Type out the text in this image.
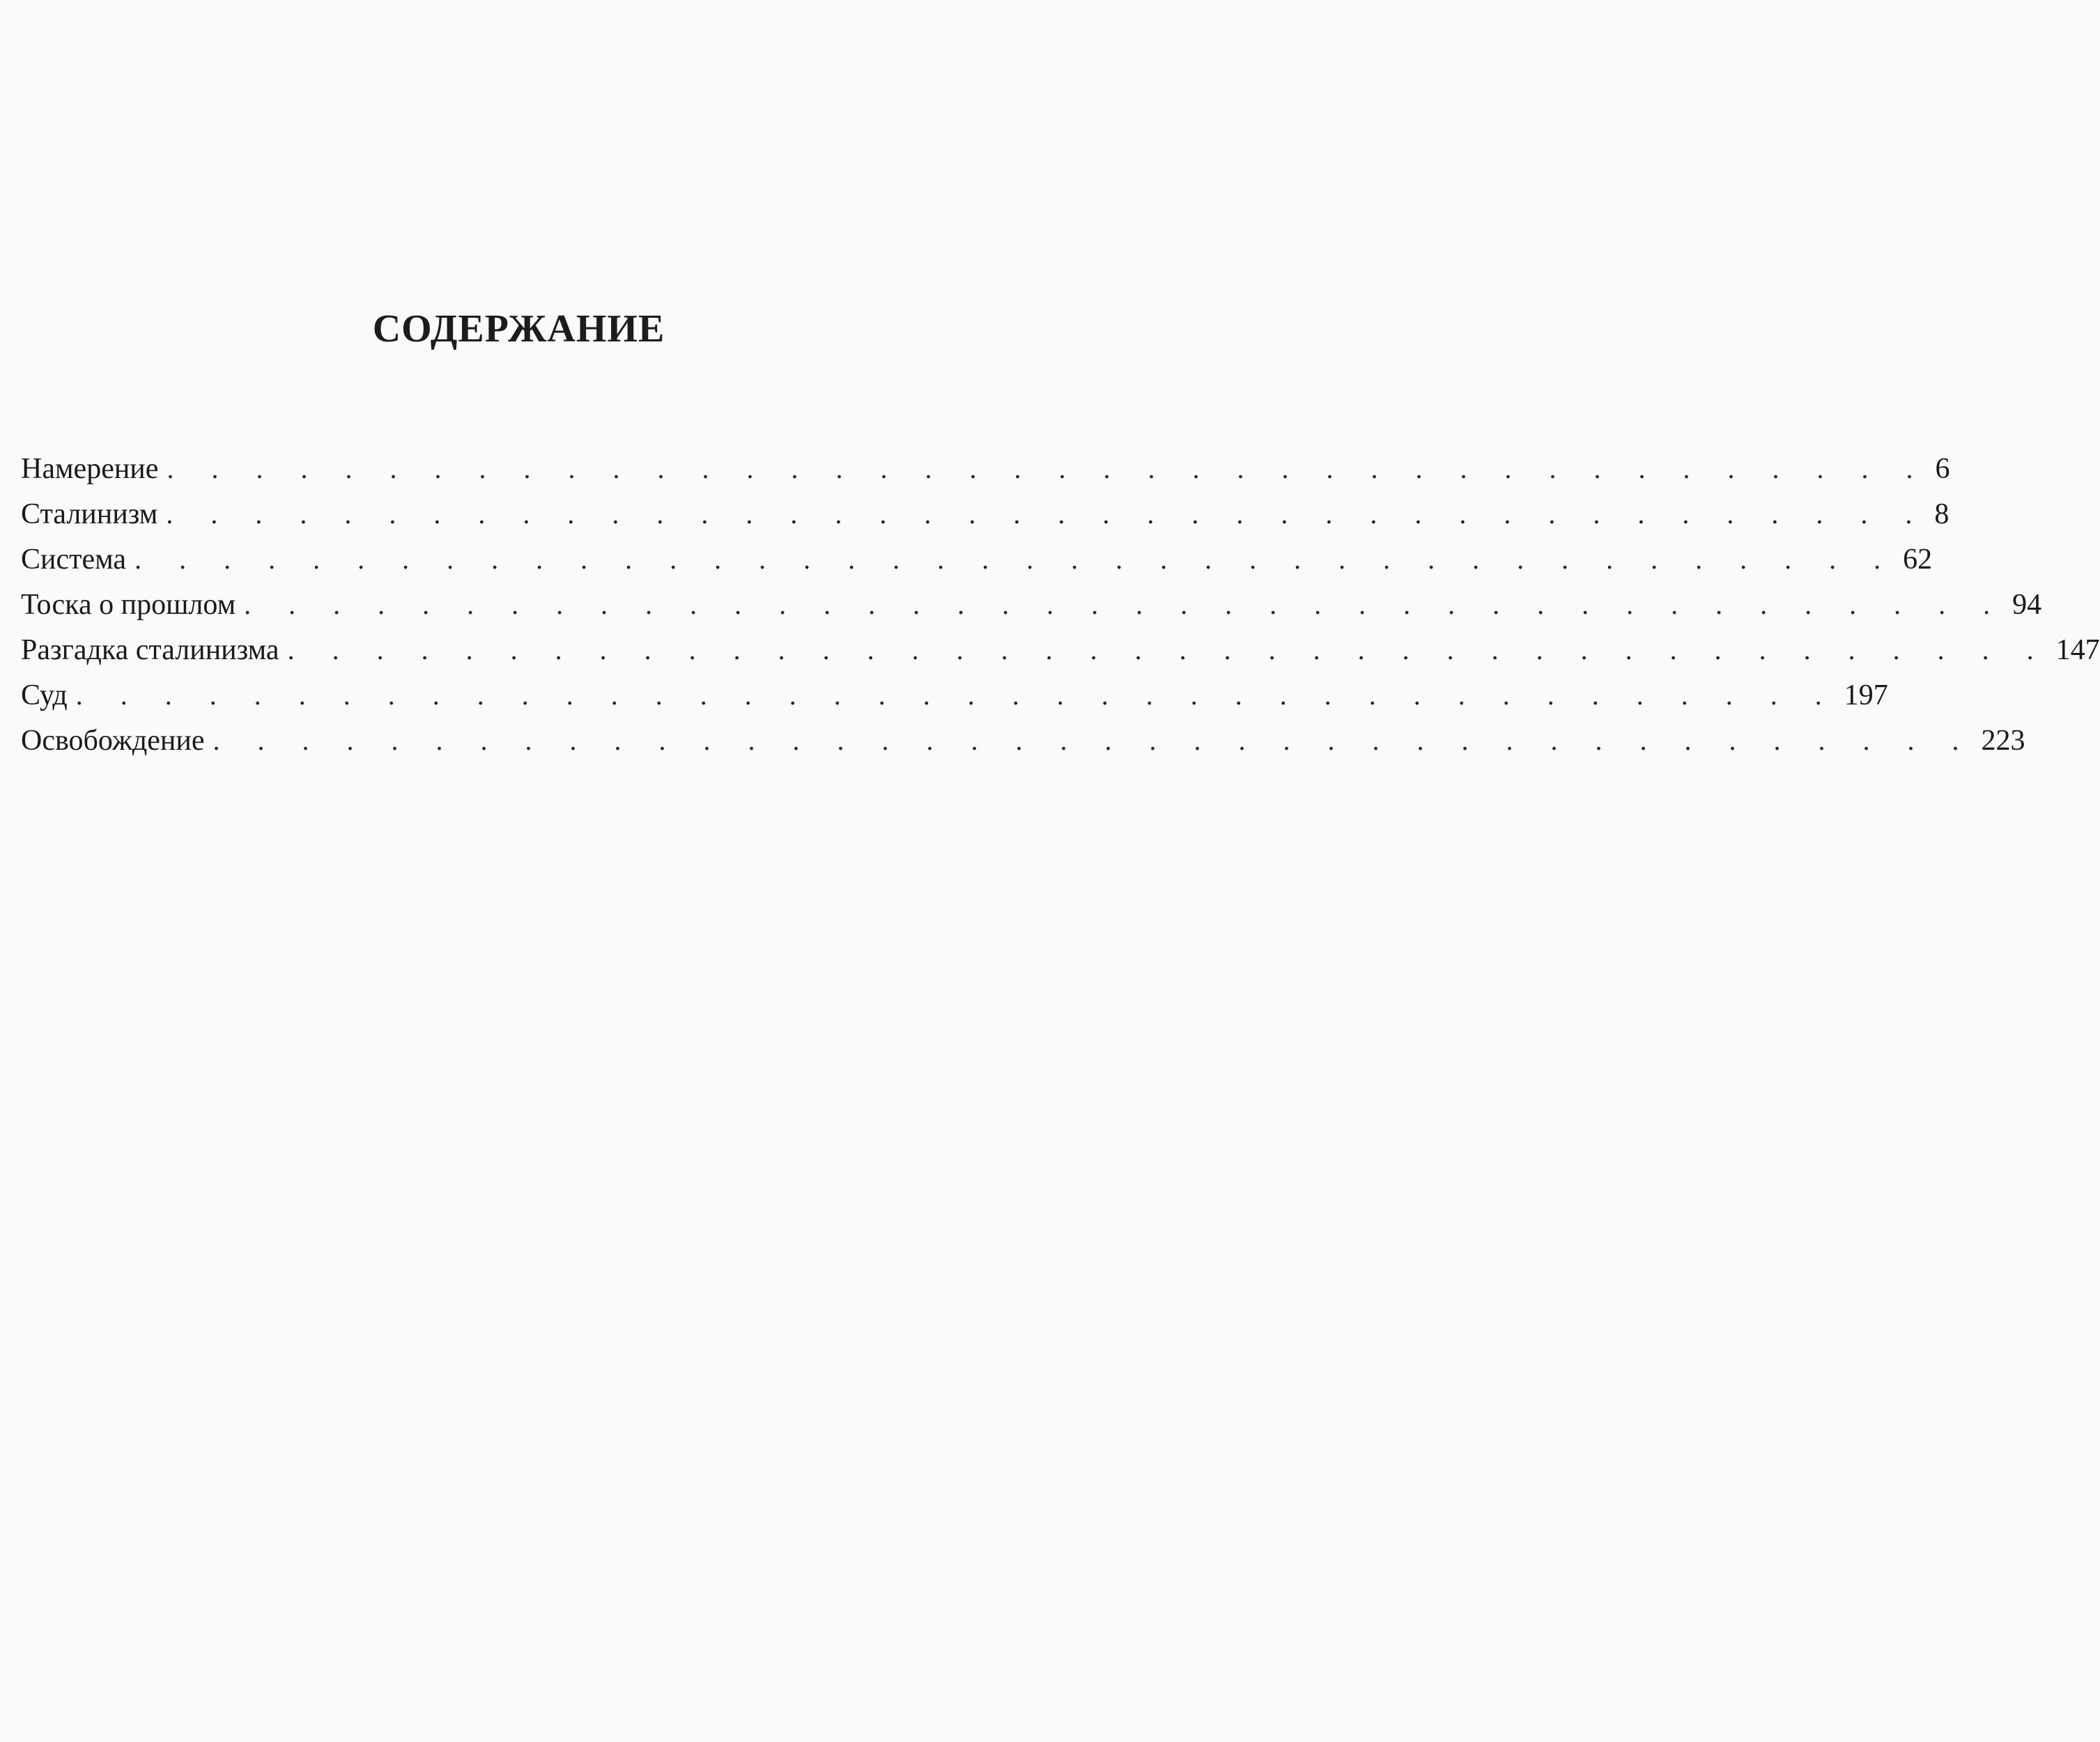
СОДЕРЖАНИЕ
Намерение . . . . . . . . . . . . . . . . . . . . . . . . . . . . . . . . . . . . . . . . 6
Сталинизм . . . . . . . . . . . . . . . . . . . . . . . . . . . . . . . . . . . . . . . . 8
Система . . . . . . . . . . . . . . . . . . . . . . . . . . . . . . . . . . . . . . . . 62
Тоска о прошлом . . . . . . . . . . . . . . . . . . . . . . . . . . . . . . . . . . . . . . . . 94
Разгадка сталинизма . . . . . . . . . . . . . . . . . . . . . . . . . . . . . . . . . . . . . . . . 147
Суд . . . . . . . . . . . . . . . . . . . . . . . . . . . . . . . . . . . . . . . . 197
Освобождение . . . . . . . . . . . . . . . . . . . . . . . . . . . . . . . . . . . . . . . . 223
